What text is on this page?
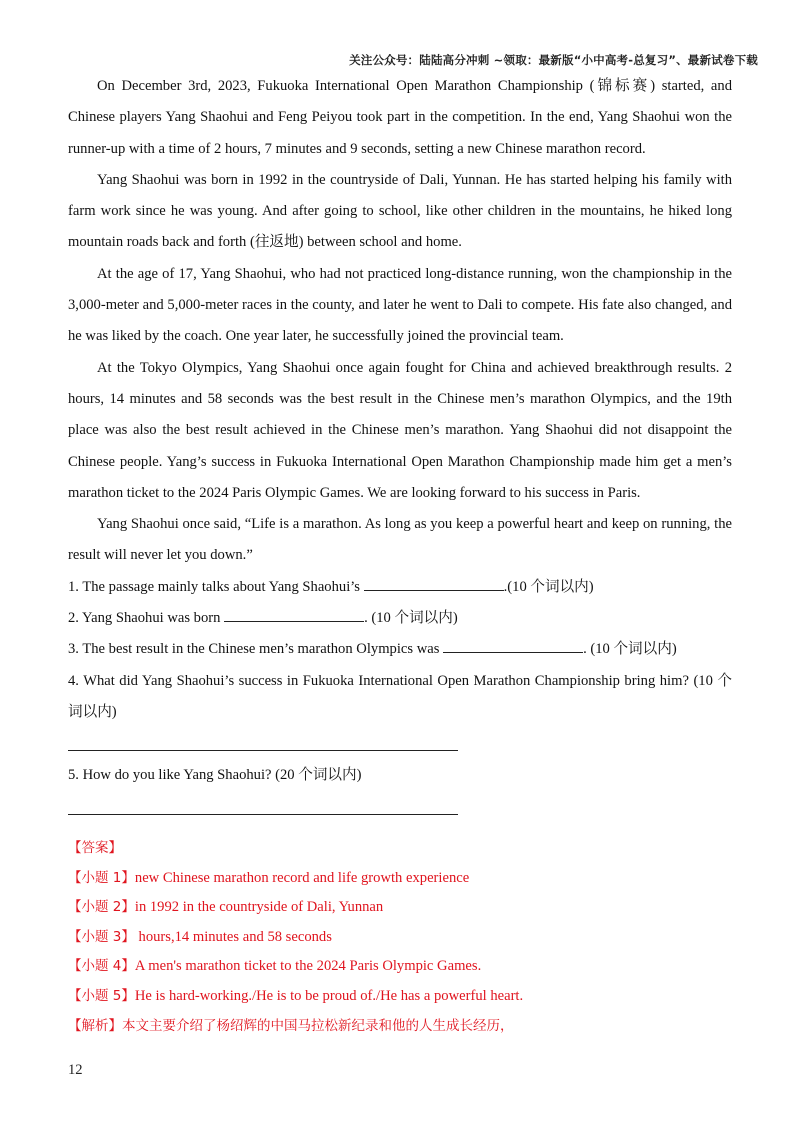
关注公众号：陆陆高分冲刺 ~领取：最新版“小中高考-总复习”、最新试卷下载

On December 3rd, 2023, Fukuoka International Open Marathon Championship (锦标赛) started, and Chinese players Yang Shaohui and Feng Peiyou took part in the competition. In the end, Yang Shaohui won the runner-up with a time of 2 hours, 7 minutes and 9 seconds, setting a new Chinese marathon record.

Yang Shaohui was born in 1992 in the countryside of Dali, Yunnan. He has started helping his family with farm work since he was young. And after going to school, like other children in the mountains, he hiked long mountain roads back and forth (往返地) between school and home.

At the age of 17, Yang Shaohui, who had not practiced long-distance running, won the championship in the 3,000-meter and 5,000-meter races in the county, and later he went to Dali to compete. His fate also changed, and he was liked by the coach. One year later, he successfully joined the provincial team.

At the Tokyo Olympics, Yang Shaohui once again fought for China and achieved breakthrough results. 2 hours, 14 minutes and 58 seconds was the best result in the Chinese men’s marathon Olympics, and the 19th place was also the best result achieved in the Chinese men’s marathon. Yang Shaohui did not disappoint the Chinese people. Yang’s success in Fukuoka International Open Marathon Championship made him get a men’s marathon ticket to the 2024 Paris Olympic Games. We are looking forward to his success in Paris.

Yang Shaohui once said, “Life is a marathon. As long as you keep a powerful heart and keep on running, the result will never let you down.”

1. The passage mainly talks about Yang Shaohui’s	.(10 个词以内)
2. Yang Shaohui was born	. (10 个词以内)
3. The best result in the Chinese men’s marathon Olympics was	. (10 个词以内)
4. What did Yang Shaohui’s success in Fukuoka International Open Marathon Championship bring him? (10 个词以内)
5. How do you like Yang Shaohui? (20 个词以内)
【答案】
【小题 1】new Chinese marathon record and life growth experience
【小题 2】in 1992 in the countryside of Dali, Yunnan
【小题 3】 hours,14 minutes and 58 seconds
【小题 4】A men's marathon ticket to the 2024 Paris Olympic Games.
【小题 5】He is hard-working./He is to be proud of./He has a powerful heart.
【解析】本文主要介绍了杨绍辉的中国马拉松新纪录和他的人生成长经历，
12
